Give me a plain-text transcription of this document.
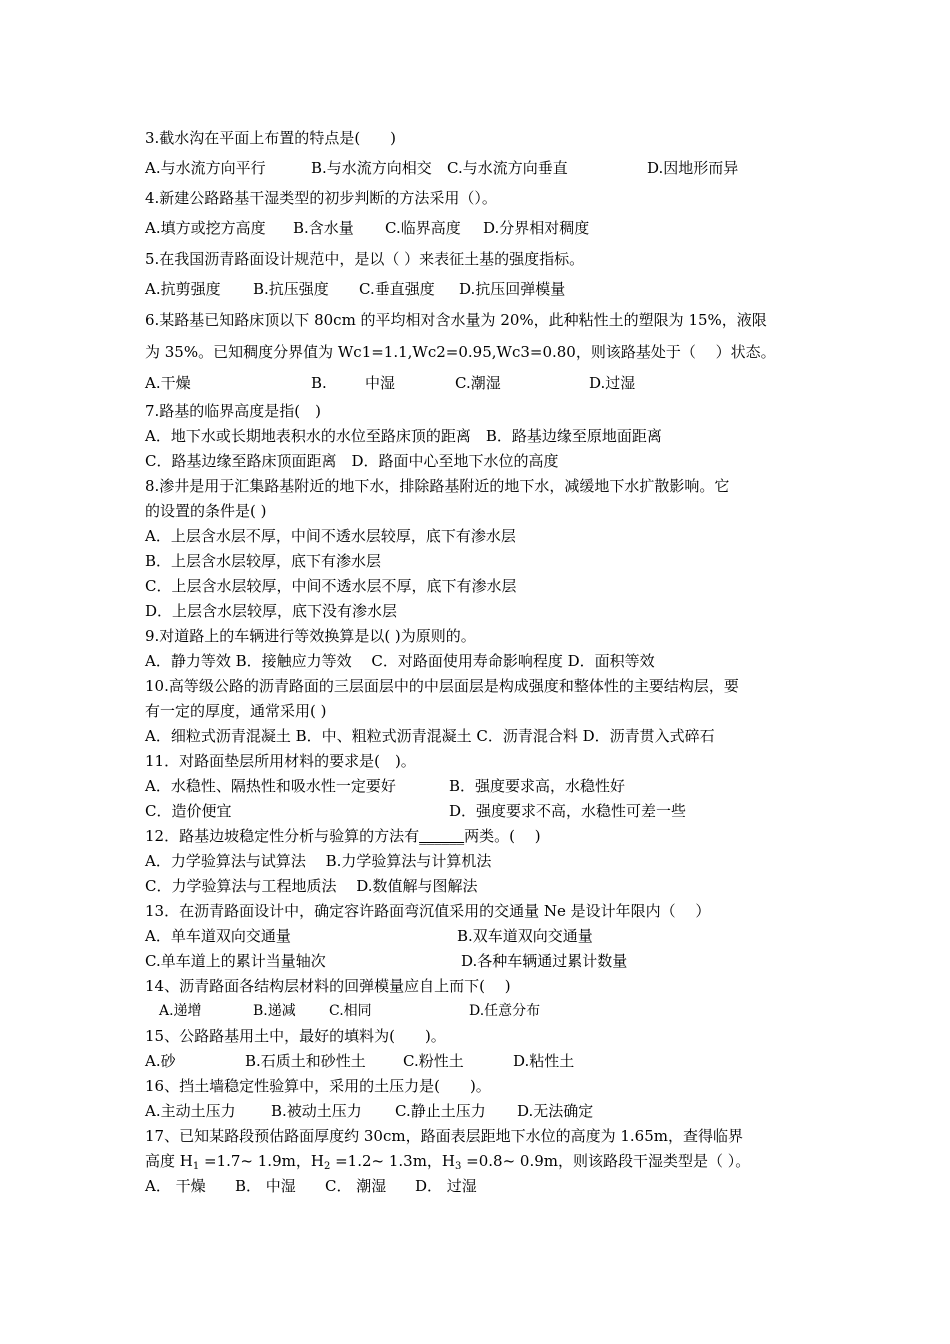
3.截水沟在平面上布置的特点是(　　)
A.与水流方向平行	B.与水流方向相交 C.与水流方向垂直	D.因地形而异
4.新建公路路基干湿类型的初步判断的方法采用（）。
A.填方或挖方高度 B.含水量 C.临界高度 D.分界相对稠度
5.在我国沥青路面设计规范中，是以（ ）来表征土基的强度指标。
A.抗剪强度 B.抗压强度 C.垂直强度 D.抗压回弹模量
6.某路基已知路床顶以下 80cm 的平均相对含水量为 20%，此种粘性土的塑限为 15%，液限
为 35%。已知稠度分界值为 Wc1=1.1,Wc2=0.95,Wc3=0.80，则该路基处于（　 ）状态。
A.干燥	B.	中湿	C.潮湿	D.过湿
7.路基的临界高度是指(　)
A．地下水或长期地表积水的水位至路床顶的距离　B．路基边缘至原地面距离
C．路基边缘至路床顶面距离　D．路面中心至地下水位的高度
8.渗井是用于汇集路基附近的地下水，排除路基附近的地下水，减缓地下水扩散影响。它
的设置的条件是( )
A．上层含水层不厚，中间不透水层较厚，底下有渗水层
B．上层含水层较厚，底下有渗水层
C．上层含水层较厚，中间不透水层不厚，底下有渗水层
D．上层含水层较厚，底下没有渗水层
9.对道路上的车辆进行等效换算是以( )为原则的。
A．静力等效 B．接触应力等效　 C．对路面使用寿命影响程度 D．面积等效
10.高等级公路的沥青路面的三层面层中的中层面层是构成强度和整体性的主要结构层，要
有一定的厚度，通常采用( )
A．细粒式沥青混凝土 B．中、粗粒式沥青混凝土 C．沥青混合料 D．沥青贯入式碎石
11．对路面垫层所用材料的要求是(　)。
A．水稳性、隔热性和吸水性一定要好	B．强度要求高，水稳性好
C．造价便宜	D．强度要求不高，水稳性可差一些
12．路基边坡稳定性分析与验算的方法有______两类。(　 )
A．力学验算法与试算法　 B.力学验算法与计算机法
C．力学验算法与工程地质法　 D.数值解与图解法
13．在沥青路面设计中，确定容许路面弯沉值采用的交通量 Ne 是设计年限内（　 ）
A．单车道双向交通量	B.双车道双向交通量
C.单车道上的累计当量轴次	D.各种车辆通过累计数量
14、沥青路面各结构层材料的回弹模量应自上而下(　 )
A.递增	B.递减 C.相同	D.任意分布
15、公路路基用土中，最好的填料为(　　)。
A.砂	B.石质土和砂性土 C.粉性土	D.粘性土
16、挡土墙稳定性验算中，采用的土压力是(　　)。
A.主动土压力 B.被动土压力 C.静止土压力 D.无法确定
17、已知某路段预估路面厚度约 30cm，路面表层距地下水位的高度为 1.65m，查得临界
高度 $H_1$ =1.7~ 1.9m，$H_2$ =1.2~ 1.3m，$H_3$ =0.8~ 0.9m，则该路段干湿类型是（ ）。
A． 干燥 B． 中湿 C． 潮湿 D． 过湿
